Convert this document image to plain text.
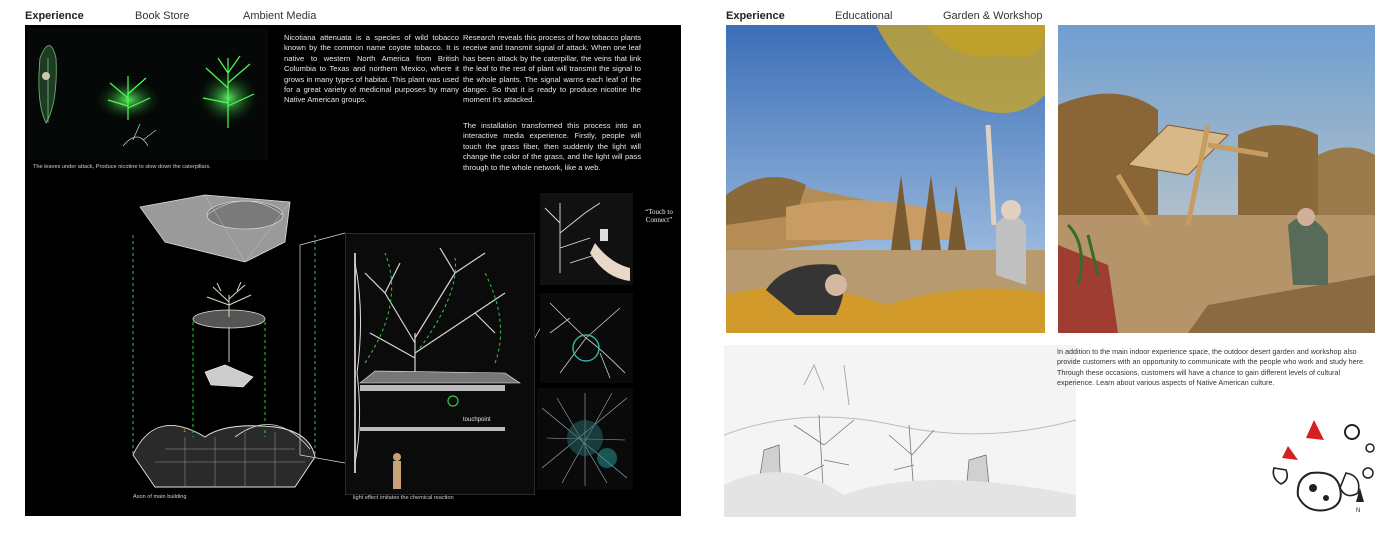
Experience	Book Store	Ambient Media	Experience	Educational	Garden & Workshop
The leaves under attack, Produce nicotine to slow down the caterpillars.
Nicotiana attenuata is a species of wild tobacco known by the common name coyote tobacco. It is native to western North America from British Columbia to Texas and northern Mexico, where it grows in many types of habitat. This plant was used for a great variety of medicinal purposes by many Native American groups.
Research reveals this process of how tobacco plants receive and transmit signal of attack. When one leaf has been attack by the caterpillar, the veins that link the leaf to the rest of plant will transmit the signal to the whole plants. The signal warns each leaf of the danger. So that it is ready to produce nicotine the moment it's attacked.
The installation transformed this process into an interactive media experience. Firstly, people will touch the grass fiber, then suddenly the light will change the color of the grass, and the light will pass through to the whole network, like a web.
1
Axon of main building
touchpoint
light effect imitates the chemical reaction
“Touch to Connect”
In addition to the main indoor experience space, the outdoor desert garden and workshop also provide customers with an opportunity to communicate with the people who work and study here. Through these occasions, customers will have a chance to gain different levels of cultural experience. Learn about various aspects of Native American culture.
N
